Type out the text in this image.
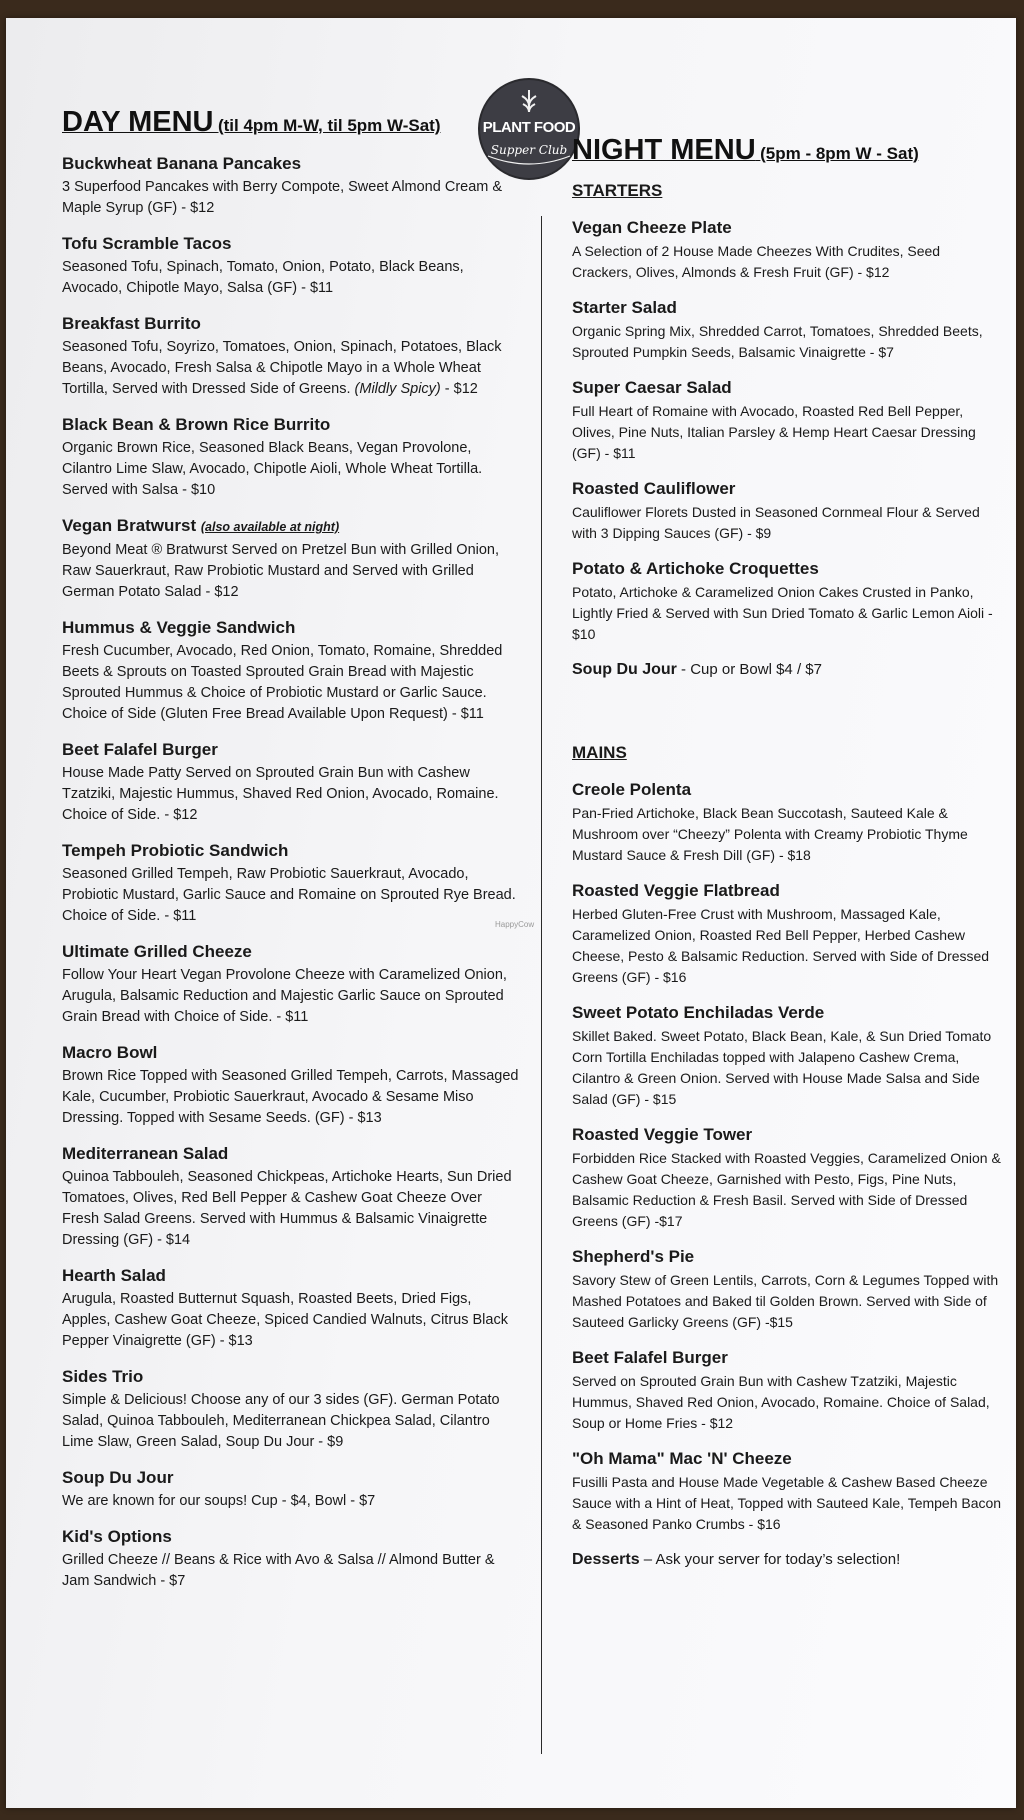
PLANT FOOD
Supper Club
HappyCow
DAY MENU (til 4pm M-W, til 5pm W-Sat)
Buckwheat Banana Pancakes
3 Superfood Pancakes with Berry Compote, Sweet Almond Cream & Maple Syrup (GF) - $12
Tofu Scramble Tacos
Seasoned Tofu, Spinach, Tomato, Onion, Potato, Black Beans, Avocado, Chipotle Mayo, Salsa (GF) - $11
Breakfast Burrito
Seasoned Tofu, Soyrizo, Tomatoes, Onion, Spinach, Potatoes, Black Beans, Avocado, Fresh Salsa & Chipotle Mayo in a Whole Wheat Tortilla, Served with Dressed Side of Greens. (Mildly Spicy) - $12
Black Bean & Brown Rice Burrito
Organic Brown Rice, Seasoned Black Beans, Vegan Provolone, Cilantro Lime Slaw, Avocado, Chipotle Aioli, Whole Wheat Tortilla. Served with Salsa - $10
Vegan Bratwurst (also available at night)
Beyond Meat ® Bratwurst Served on Pretzel Bun with Grilled Onion, Raw Sauerkraut, Raw Probiotic Mustard and Served with Grilled German Potato Salad - $12
Hummus & Veggie Sandwich
Fresh Cucumber, Avocado, Red Onion, Tomato, Romaine, Shredded Beets & Sprouts on Toasted Sprouted Grain Bread with Majestic Sprouted Hummus & Choice of Probiotic Mustard or Garlic Sauce. Choice of Side (Gluten Free Bread Available Upon Request) - $11
Beet Falafel Burger
House Made Patty Served on Sprouted Grain Bun with Cashew Tzatziki, Majestic Hummus, Shaved Red Onion, Avocado, Romaine. Choice of Side. - $12
Tempeh Probiotic Sandwich
Seasoned Grilled Tempeh, Raw Probiotic Sauerkraut, Avocado, Probiotic Mustard, Garlic Sauce and Romaine on Sprouted Rye Bread. Choice of Side. - $11
Ultimate Grilled Cheeze
Follow Your Heart Vegan Provolone Cheeze with Caramelized Onion, Arugula, Balsamic Reduction and Majestic Garlic Sauce on Sprouted Grain Bread with Choice of Side. - $11
Macro Bowl
Brown Rice Topped with Seasoned Grilled Tempeh, Carrots, Massaged Kale, Cucumber, Probiotic Sauerkraut, Avocado & Sesame Miso Dressing. Topped with Sesame Seeds. (GF) - $13
Mediterranean Salad
Quinoa Tabbouleh, Seasoned Chickpeas, Artichoke Hearts, Sun Dried Tomatoes, Olives, Red Bell Pepper & Cashew Goat Cheeze Over Fresh Salad Greens. Served with Hummus & Balsamic Vinaigrette Dressing (GF) - $14
Hearth Salad
Arugula, Roasted Butternut Squash, Roasted Beets, Dried Figs, Apples, Cashew Goat Cheeze, Spiced Candied Walnuts, Citrus Black Pepper Vinaigrette (GF) - $13
Sides Trio
Simple & Delicious! Choose any of our 3 sides (GF). German Potato Salad, Quinoa Tabbouleh, Mediterranean Chickpea Salad, Cilantro Lime Slaw, Green Salad, Soup Du Jour - $9
Soup Du Jour
We are known for our soups! Cup - $4, Bowl - $7
Kid's Options
Grilled Cheeze // Beans & Rice with Avo & Salsa // Almond Butter & Jam Sandwich - $7
NIGHT MENU (5pm - 8pm W - Sat)
STARTERS
Vegan Cheeze Plate
A Selection of 2 House Made Cheezes With Crudites, Seed Crackers, Olives, Almonds & Fresh Fruit (GF) - $12
Starter Salad
Organic Spring Mix, Shredded Carrot, Tomatoes, Shredded Beets, Sprouted Pumpkin Seeds, Balsamic Vinaigrette - $7
Super Caesar Salad
Full Heart of Romaine with Avocado, Roasted Red Bell Pepper, Olives, Pine Nuts, Italian Parsley & Hemp Heart Caesar Dressing (GF) - $11
Roasted Cauliflower
Cauliflower Florets Dusted in Seasoned Cornmeal Flour & Served with 3 Dipping Sauces (GF) - $9
Potato & Artichoke Croquettes
Potato, Artichoke & Caramelized Onion Cakes Crusted in Panko, Lightly Fried & Served with Sun Dried Tomato & Garlic Lemon Aioli - $10
Soup Du Jour - Cup or Bowl $4 / $7
MAINS
Creole Polenta
Pan-Fried Artichoke, Black Bean Succotash, Sauteed Kale & Mushroom over “Cheezy” Polenta with Creamy Probiotic Thyme Mustard Sauce & Fresh Dill (GF) - $18
Roasted Veggie Flatbread
Herbed Gluten-Free Crust with Mushroom, Massaged Kale, Caramelized Onion, Roasted Red Bell Pepper, Herbed Cashew Cheese, Pesto & Balsamic Reduction. Served with Side of Dressed Greens (GF) - $16
Sweet Potato Enchiladas Verde
Skillet Baked. Sweet Potato, Black Bean, Kale, & Sun Dried Tomato Corn Tortilla Enchiladas topped with Jalapeno Cashew Crema, Cilantro & Green Onion. Served with House Made Salsa and Side Salad (GF) - $15
Roasted Veggie Tower
Forbidden Rice Stacked with Roasted Veggies, Caramelized Onion & Cashew Goat Cheeze, Garnished with Pesto, Figs, Pine Nuts, Balsamic Reduction & Fresh Basil. Served with Side of Dressed Greens (GF) -$17
Shepherd's Pie
Savory Stew of Green Lentils, Carrots, Corn & Legumes Topped with Mashed Potatoes and Baked til Golden Brown. Served with Side of Sauteed Garlicky Greens (GF) -$15
Beet Falafel Burger
Served on Sprouted Grain Bun with Cashew Tzatziki, Majestic Hummus, Shaved Red Onion, Avocado, Romaine. Choice of Salad, Soup or Home Fries - $12
"Oh Mama" Mac 'N' Cheeze
Fusilli Pasta and House Made Vegetable & Cashew Based Cheeze Sauce with a Hint of Heat, Topped with Sauteed Kale, Tempeh Bacon & Seasoned Panko Crumbs - $16
Desserts – Ask your server for today’s selection!
